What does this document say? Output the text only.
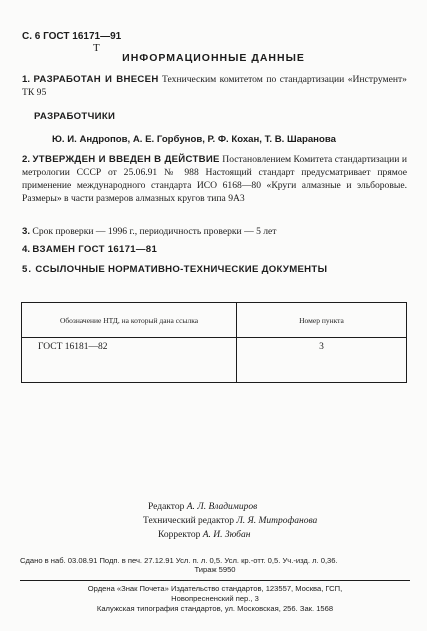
С. 6 ГОСТ 16171—91
Т
ИНФОРМАЦИОННЫЕ ДАННЫЕ
1. РАЗРАБОТАН И ВНЕСЕН Техническим комитетом по стандартизации «Инструмент» ТК 95
РАЗРАБОТЧИКИ
Ю. И. Андропов, А. Е. Горбунов, Р. Ф. Кохан, Т. В. Шаранова
2. УТВЕРЖДЕН И ВВЕДЕН В ДЕЙСТВИЕ Постановлением Комитета стандартизации и метрологии СССР от 25.06.91 № 988 Настоящий стандарт предусматривает прямое применение международного стандарта ИСО 6168—80 «Круги алмазные и эльборовые. Размеры» в части размеров алмазных кругов типа 9А3
3. Срок проверки — 1996 г., периодичность проверки — 5 лет
4. ВЗАМЕН ГОСТ 16171—81
5. ССЫЛОЧНЫЕ НОРМАТИВНО-ТЕХНИЧЕСКИЕ ДОКУМЕНТЫ
Обозначение НТД, на который дана ссылка	Номер пункта
ГОСТ 16181—82	3
Редактор А. Л. Владимиров
Технический редактор Л. Я. Митрофанова
Корректор А. И. Зюбан
Сдано в наб. 03.08.91 Подп. в печ. 27.12.91 Усл. п. л. 0,5. Усл. кр.-отт. 0,5. Уч.-изд. л. 0,36.
Тираж 5950
Ордена «Знак Почета» Издательство стандартов, 123557, Москва, ГСП,
Новопресненский пер., 3
Калужская типография стандартов, ул. Московская, 256. Зак. 1568
